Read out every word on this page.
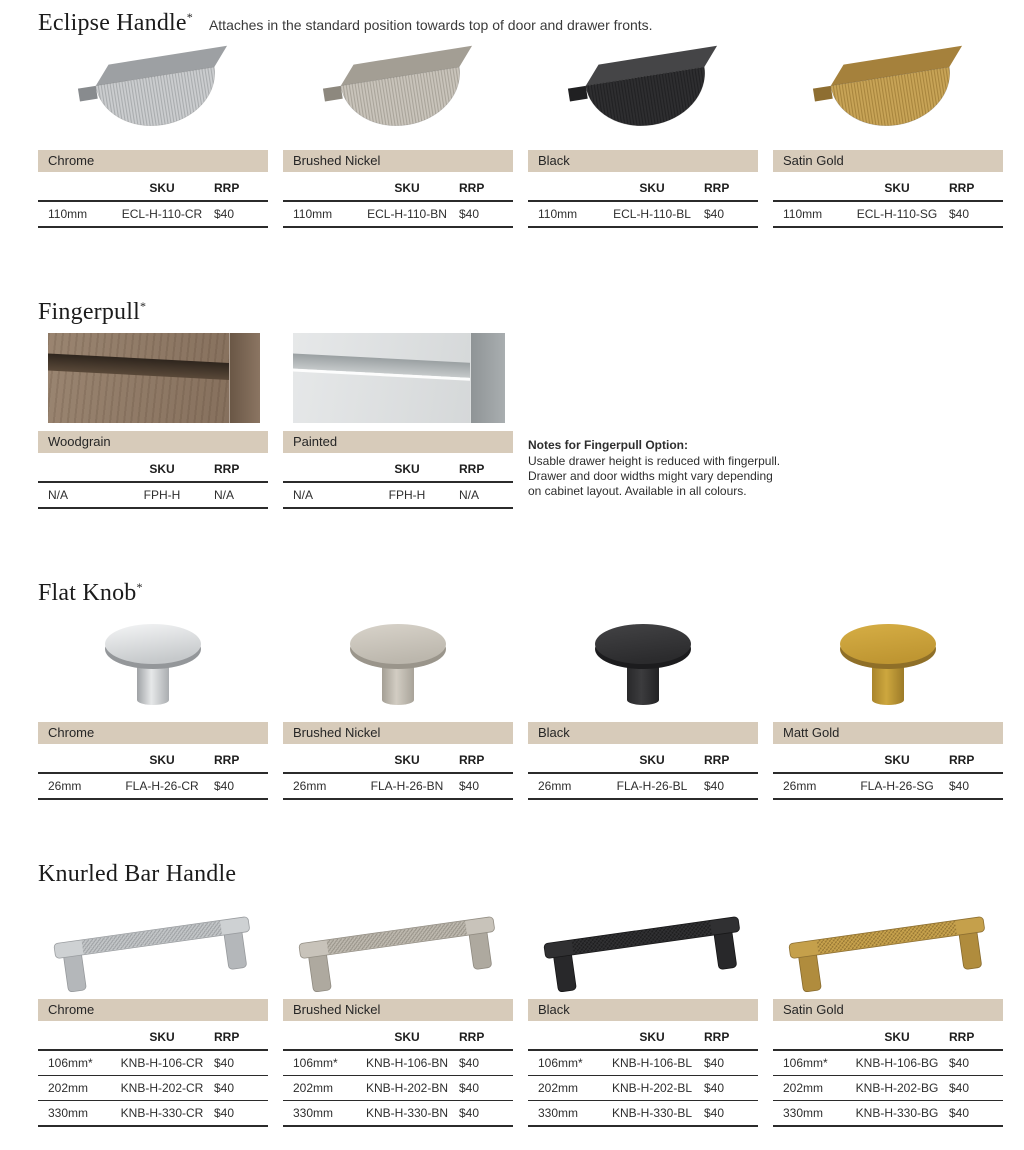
Eclipse Handle* Attaches in the standard position towards top of door and drawer fronts.
Chrome
SKU	RRP
110mm	ECL-H-110-CR $40
Brushed Nickel
SKU	RRP
110mm	ECL-H-110-BN	$40
Black
SKU	RRP
110mm	ECL-H-110-BL	$40
Satin Gold
SKU	RRP
110mm	ECL-H-110-SG $40
Fingerpull*
Woodgrain
SKU	RRP
N/A	FPH-H	N/A
Painted
SKU	RRP
N/A	FPH-H	N/A
Notes for Fingerpull Option:
Usable drawer height is reduced with fingerpull.
Drawer and door widths might vary depending
on cabinet layout. Available in all colours.
Flat Knob*
Chrome
SKU	RRP
26mm	FLA-H-26-CR	$40
Brushed Nickel
SKU	RRP
26mm	FLA-H-26-BN	$40
Black
SKU	RRP
26mm	FLA-H-26-BL	$40
Matt Gold
SKU	RRP
26mm	FLA-H-26-SG	$40
Knurled Bar Handle
Chrome
SKU	RRP
106mm*	KNB-H-106-CR $40
202mm	KNB-H-202-CR $40
330mm	KNB-H-330-CR $40
Brushed Nickel
SKU	RRP
106mm*	KNB-H-106-BN $40
202mm	KNB-H-202-BN $40
330mm	KNB-H-330-BN $40
Black
SKU	RRP
106mm*	KNB-H-106-BL $40
202mm	KNB-H-202-BL $40
330mm	KNB-H-330-BL $40
Satin Gold
SKU	RRP
106mm*	KNB-H-106-BG $40
202mm	KNB-H-202-BG $40
330mm	KNB-H-330-BG $40
